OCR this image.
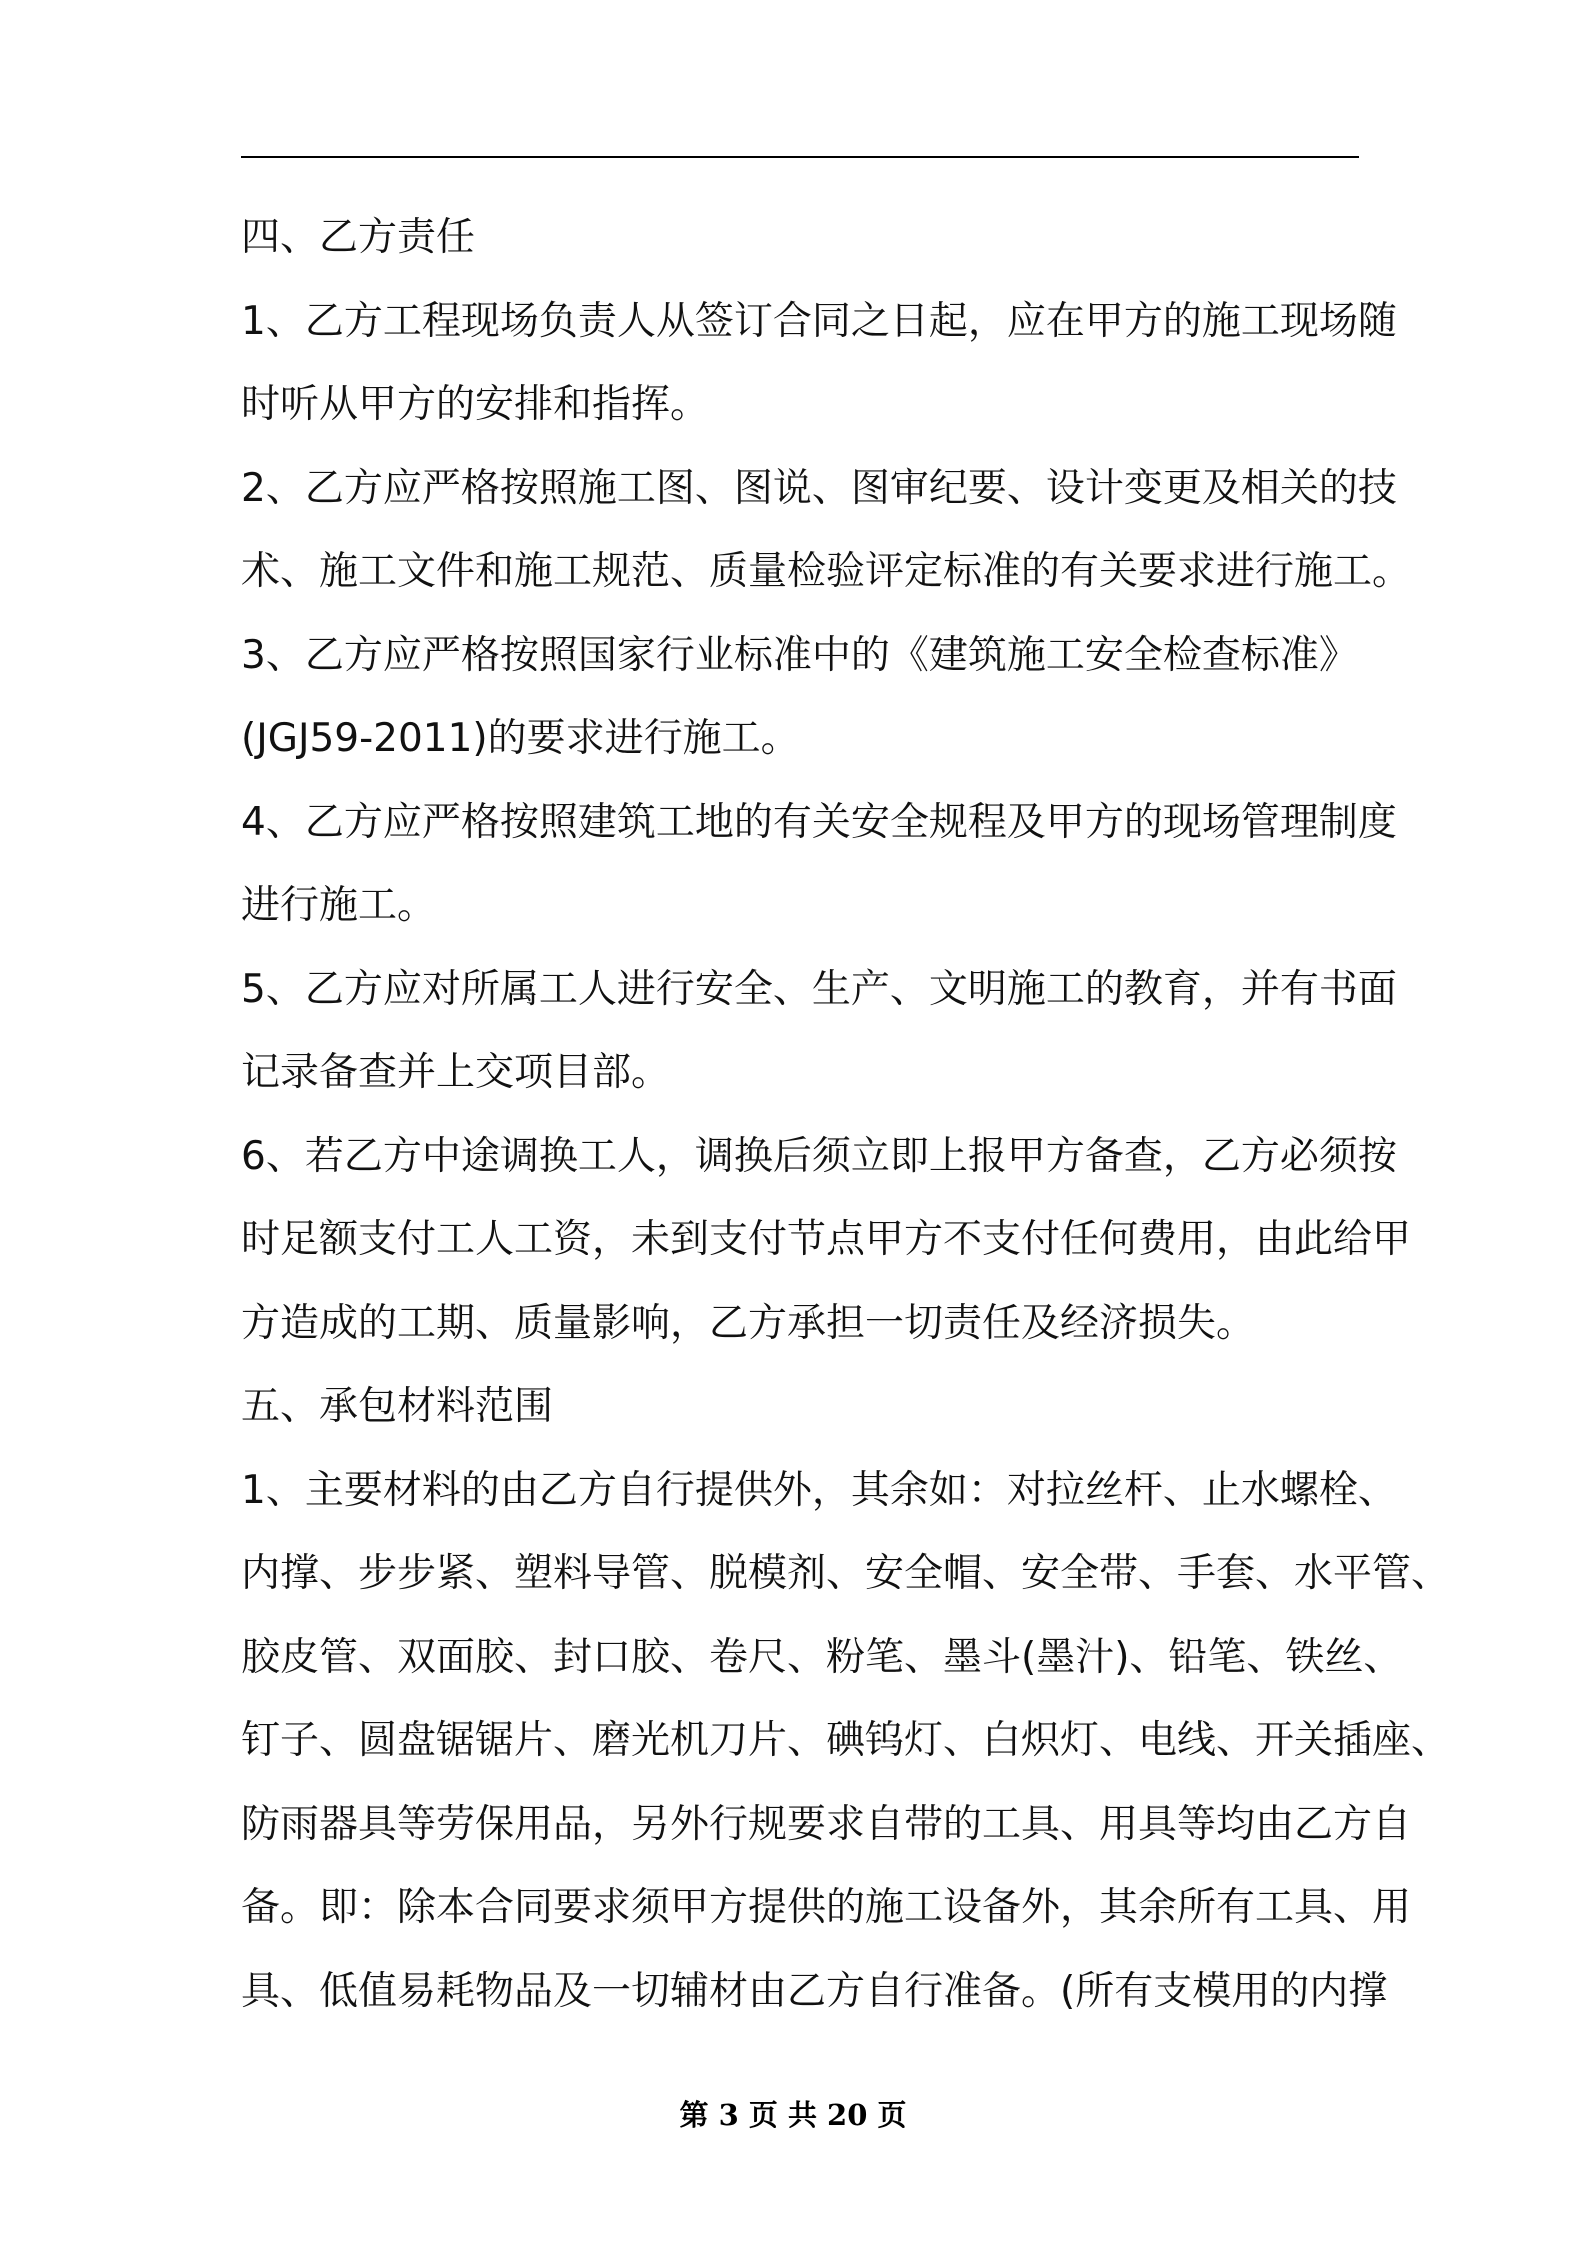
四、乙方责任
1、乙方工程现场负责人从签订合同之日起，应在甲方的施工现场随
时听从甲方的安排和指挥。
2、乙方应严格按照施工图、图说、图审纪要、设计变更及相关的技
术、施工文件和施工规范、质量检验评定标准的有关要求进行施工。
3、乙方应严格按照国家行业标准中的《建筑施工安全检查标准》
(JGJ59-2011)的要求进行施工。
4、乙方应严格按照建筑工地的有关安全规程及甲方的现场管理制度
进行施工。
5、乙方应对所属工人进行安全、生产、文明施工的教育，并有书面
记录备查并上交项目部。
6、若乙方中途调换工人，调换后须立即上报甲方备查，乙方必须按
时足额支付工人工资，未到支付节点甲方不支付任何费用，由此给甲
方造成的工期、质量影响，乙方承担一切责任及经济损失。
五、承包材料范围
1、主要材料的由乙方自行提供外，其余如：对拉丝杆、止水螺栓、
内撑、步步紧、塑料导管、脱模剂、安全帽、安全带、手套、水平管、
胶皮管、双面胶、封口胶、卷尺、粉笔、墨斗(墨汁)、铅笔、铁丝、
钉子、圆盘锯锯片、磨光机刀片、碘钨灯、白炽灯、电线、开关插座、
防雨器具等劳保用品，另外行规要求自带的工具、用具等均由乙方自
备。即：除本合同要求须甲方提供的施工设备外，其余所有工具、用
具、低值易耗物品及一切辅材由乙方自行准备。(所有支模用的内撑
第 3 页 共 20 页
